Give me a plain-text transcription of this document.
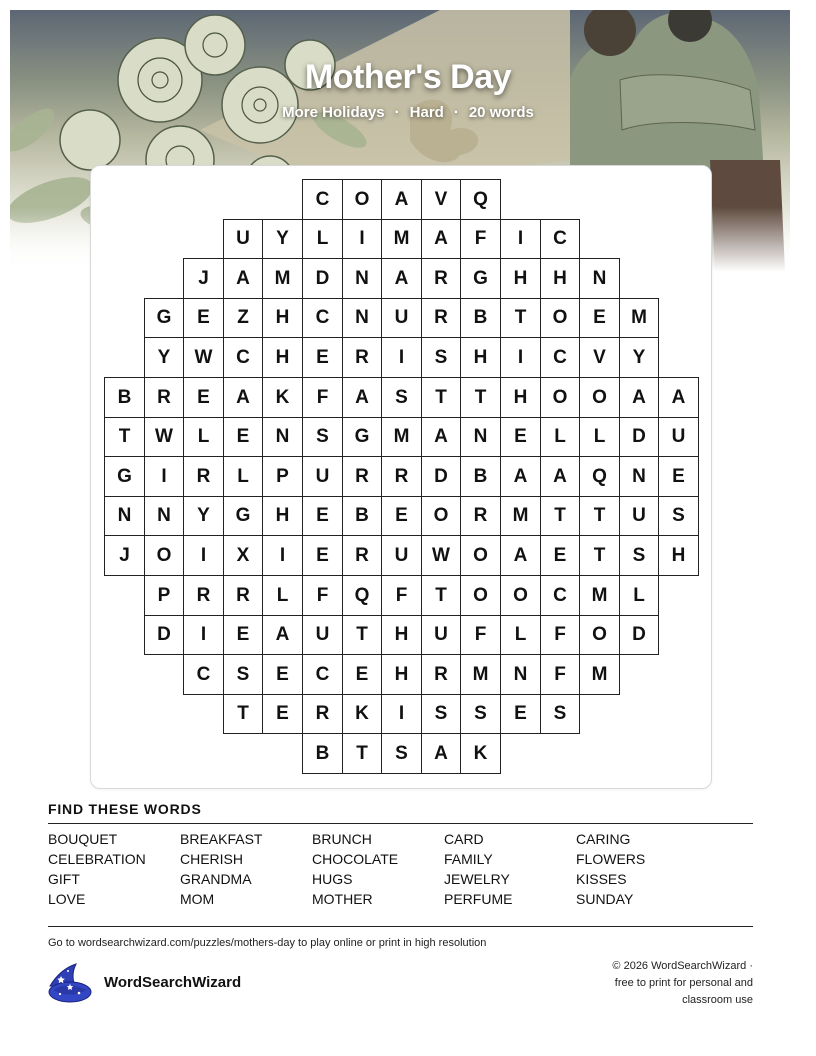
Mother's Day
More Holidays · Hard · 20 words
C	O	A	V	Q
U	Y	L	I	M	A	F	I	C
J	A	M	D	N	A	R	G	H	H	N
G	E	Z	H	C	N	U	R	B	T	O	E	M
Y	W	C	H	E	R	I	S	H	I	C	V	Y
B	R	E	A	K	F	A	S	T	T	H	O	O	A	A
T	W	L	E	N	S	G	M	A	N	E	L	L	D	U
G	I	R	L	P	U	R	R	D	B	A	A	Q	N	E
N	N	Y	G	H	E	B	E	O	R	M	T	T	U	S
J	O	I	X	I	E	R	U	W	O	A	E	T	S	H
P	R	R	L	F	Q	F	T	O	O	C	M	L
D	I	E	A	U	T	H	U	F	L	F	O	D
C	S	E	C	E	H	R	M	N	F	M
T	E	R	K	I	S	S	E	S
B	T	S	A	K
FIND THESE WORDS
BOUQUET	BREAKFAST	BRUNCH	CARD	CARING
CELEBRATION CHERISH	CHOCOLATE	FAMILY	FLOWERS
GIFT	GRANDMA	HUGS	JEWELRY	KISSES
LOVE	MOM	MOTHER	PERFUME	SUNDAY
Go to wordsearchwizard.com/puzzles/mothers-day to play online or print in high resolution
WordSearchWizard
© 2026 WordSearchWizard ·
free to print for personal and
classroom use
